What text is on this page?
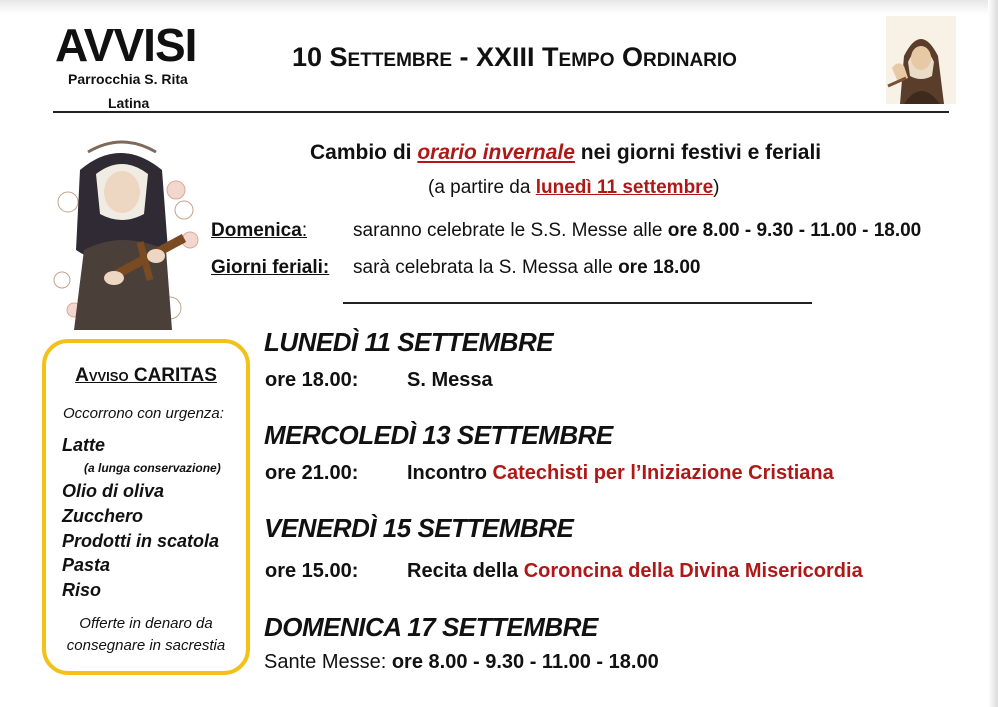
AVVISI
Parrocchia S. Rita
Latina
10 Settembre - XXIII Tempo Ordinario
Cambio di orario invernale nei giorni festivi e feriali
(a partire da lunedì 11 settembre)
Domenica: saranno celebrate le S.S. Messe alle ore 8.00 - 9.30 - 11.00 - 18.00
Giorni feriali: sarà celebrata la S. Messa alle ore 18.00
Avviso CARITAS
Occorrono con urgenza:
Latte
(a lunga conservazione)
Olio di oliva
Zucchero
Prodotti in scatola
Pasta
Riso
Offerte in denaro da
consegnare in sacrestia
LUNEDÌ 11 SETTEMBRE
ore 18.00: S. Messa
MERCOLEDÌ 13 SETTEMBRE
ore 21.00: Incontro Catechisti per l’Iniziazione Cristiana
VENERDÌ 15 SETTEMBRE
ore 15.00: Recita della Coroncina della Divina Misericordia
DOMENICA 17 SETTEMBRE
Sante Messe: ore 8.00 - 9.30 - 11.00 - 18.00
